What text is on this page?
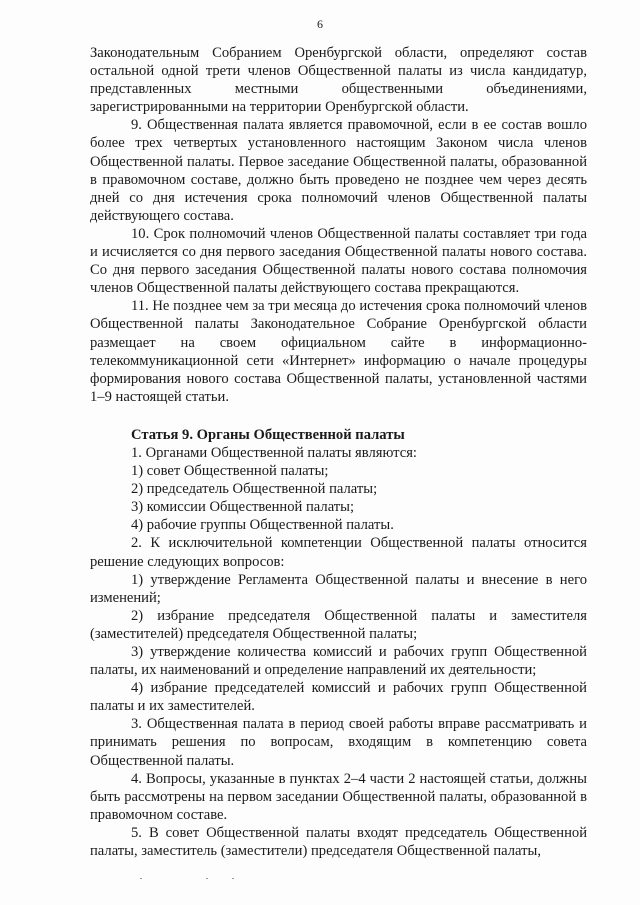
6

Законодательным Собранием Оренбургской области, определяют состав остальной одной трети членов Общественной палаты из числа кандидатур, представленных местными общественными объединениями, зарегистрированными на территории Оренбургской области.

9. Общественная палата является правомочной, если в ее состав вошло более трех четвертых установленного настоящим Законом числа членов Общественной палаты. Первое заседание Общественной палаты, образованной в правомочном составе, должно быть проведено не позднее чем через десять дней со дня истечения срока полномочий членов Общественной палаты действующего состава.

10. Срок полномочий членов Общественной палаты составляет три года и исчисляется со дня первого заседания Общественной палаты нового состава. Со дня первого заседания Общественной палаты нового состава полномочия членов Общественной палаты действующего состава прекращаются.

11. Не позднее чем за три месяца до истечения срока полномочий членов Общественной палаты Законодательное Собрание Оренбургской области размещает на своем официальном сайте в информационно-телекоммуникационной сети «Интернет» информацию о начале процедуры формирования нового состава Общественной палаты, установленной частями 1–9 настоящей статьи.

Статья 9. Органы Общественной палаты

1. Органами Общественной палаты являются:

1) совет Общественной палаты;

2) председатель Общественной палаты;

3) комиссии Общественной палаты;

4) рабочие группы Общественной палаты.

2. К исключительной компетенции Общественной палаты относится решение следующих вопросов:

1) утверждение Регламента Общественной палаты и внесение в него изменений;

2) избрание председателя Общественной палаты и заместителя (заместителей) председателя Общественной палаты;

3) утверждение количества комиссий и рабочих групп Общественной палаты, их наименований и определение направлений их деятельности;

4) избрание председателей комиссий и рабочих групп Общественной палаты и их заместителей.

3. Общественная палата в период своей работы вправе рассматривать и принимать решения по вопросам, входящим в компетенцию совета Общественной палаты.

4. Вопросы, указанные в пунктах 2–4 части 2 настоящей статьи, должны быть рассмотрены на первом заседании Общественной палаты, образованной в правомочном составе.

5. В совет Общественной палаты входят председатель Общественной палаты, заместитель (заместители) председателя Общественной палаты,
